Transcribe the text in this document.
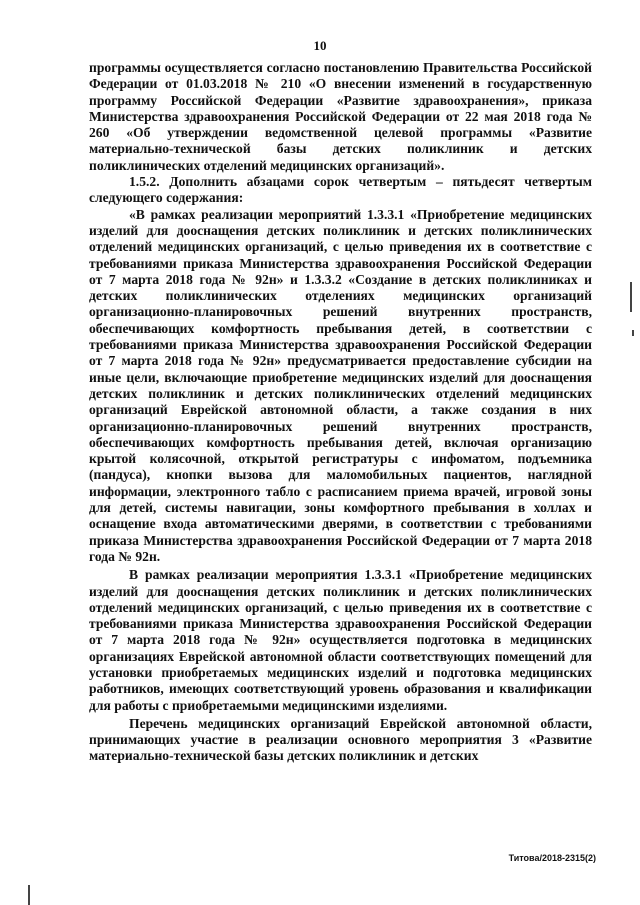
10

программы осуществляется согласно постановлению Правительства Российской Федерации от 01.03.2018 № 210 «О внесении изменений в государственную программу Российской Федерации «Развитие здравоохранения», приказа Министерства здравоохранения Российской Федерации от 22 мая 2018 года № 260 «Об утверждении ведомственной целевой программы «Развитие материально-технической базы детских поликлиник и детских поликлинических отделений медицинских организаций».

1.5.2. Дополнить абзацами сорок четвертым – пятьдесят четвертым следующего содержания:

«В рамках реализации мероприятий 1.3.3.1 «Приобретение медицинских изделий для дооснащения детских поликлиник и детских поликлинических отделений медицинских организаций, с целью приведения их в соответствие с требованиями приказа Министерства здравоохранения Российской Федерации от 7 марта 2018 года № 92н» и 1.3.3.2 «Создание в детских поликлиниках и детских поликлинических отделениях медицинских организаций организационно-планировочных решений внутренних пространств, обеспечивающих комфортность пребывания детей, в соответствии с требованиями приказа Министерства здравоохранения Российской Федерации от 7 марта 2018 года № 92н» предусматривается предоставление субсидии на иные цели, включающие приобретение медицинских изделий для дооснащения детских поликлиник и детских поликлинических отделений медицинских организаций Еврейской автономной области, а также создания в них организационно-планировочных решений внутренних пространств, обеспечивающих комфортность пребывания детей, включая организацию крытой колясочной, открытой регистратуры с инфоматом, подъемника (пандуса), кнопки вызова для маломобильных пациентов, наглядной информации, электронного табло с расписанием приема врачей, игровой зоны для детей, системы навигации, зоны комфортного пребывания в холлах и оснащение входа автоматическими дверями, в соответствии с требованиями приказа Министерства здравоохранения Российской Федерации от 7 марта 2018 года № 92н.

В рамках реализации мероприятия 1.3.3.1 «Приобретение медицинских изделий для дооснащения детских поликлиник и детских поликлинических отделений медицинских организаций, с целью приведения их в соответствие с требованиями приказа Министерства здравоохранения Российской Федерации от 7 марта 2018 года № 92н» осуществляется подготовка в медицинских организациях Еврейской автономной области соответствующих помещений для установки приобретаемых медицинских изделий и подготовка медицинских работников, имеющих соответствующий уровень образования и квалификации для работы с приобретаемыми медицинскими изделиями.

Перечень медицинских организаций Еврейской автономной области, принимающих участие в реализации основного мероприятия 3 «Развитие материально-технической базы детских поликлиник и детских

Титова/2018-2315(2)
